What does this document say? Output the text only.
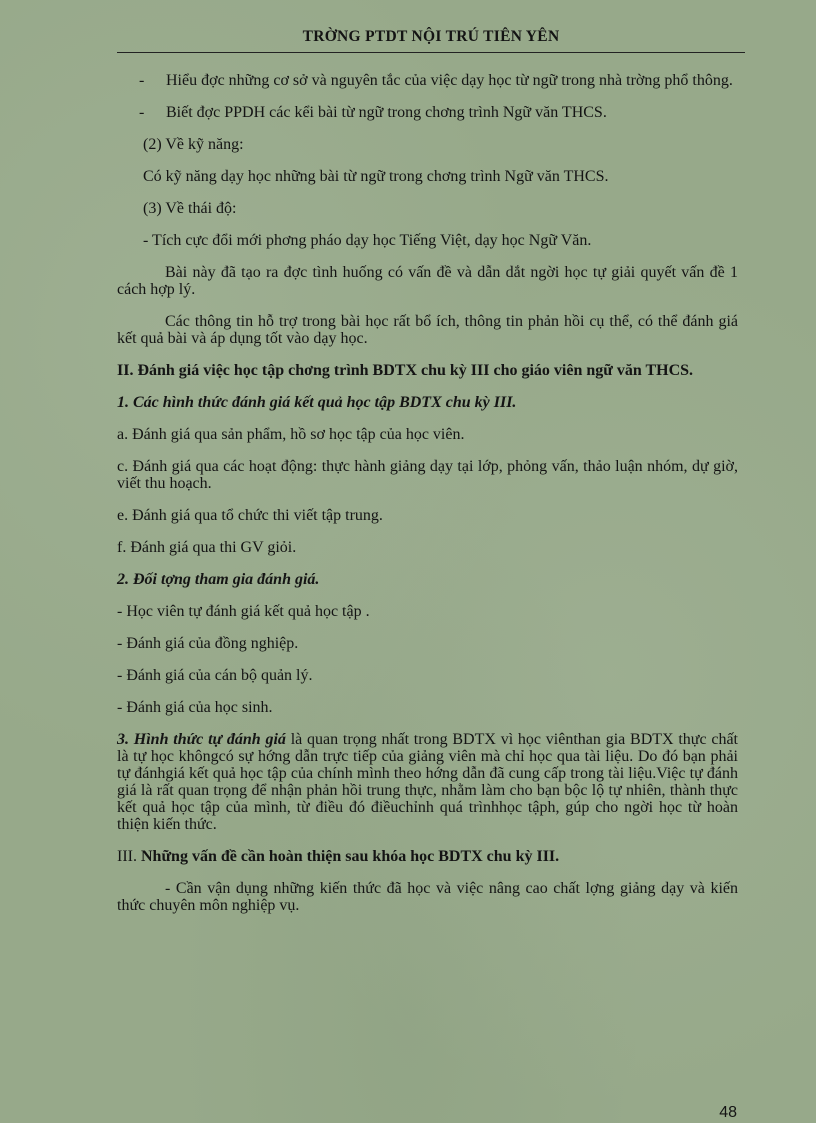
TRỜNG PTDT NỘI TRÚ TIÊN YÊN
-	Hiểu đợc những cơ sở và nguyên tắc của việc dạy học từ ngữ trong nhà trờng phổ thông.
-	Biết đợc PPDH các kểi bài từ ngữ trong chơng trình Ngữ văn THCS.

(2) Về kỹ năng:

Có kỹ năng dạy học những bài từ ngữ trong chơng trình Ngữ văn THCS.

(3) Về thái độ:

- Tích cực đổi mới phơng pháo dạy học Tiếng Việt, dạy học Ngữ Văn.

Bài này đã tạo ra đợc tình huống có vấn đề và dẫn dắt ngời học tự giải quyết vấn đề 1 cách hợp lý.

Các thông tin hỗ trợ trong bài học rất bổ ích, thông tin phản hồi cụ thể, có thể đánh giá kết quả bài và áp dụng tốt vào dạy học.

II. Đánh giá việc học tập chơng trình BDTX chu kỳ III cho giáo viên ngữ văn THCS.

1. Các hình thức đánh giá kết quả học tập BDTX chu kỳ III.

a. Đánh giá qua sản phẩm, hồ sơ học tập của học viên.

c. Đánh giá qua các hoạt động: thực hành giảng dạy tại lớp, phỏng vấn, thảo luận nhóm, dự giờ, viết thu hoạch.

e. Đánh giá qua tổ chức thi viết tập trung.

f. Đánh giá qua thi GV giỏi.

2. Đối tợng tham gia đánh giá.

- Học viên tự đánh giá kết quả học tập .

- Đánh giá của đồng nghiệp.

- Đánh giá của cán bộ quản lý.

- Đánh giá của học sinh.

3. Hình thức tự đánh giá là quan trọng nhất trong BDTX vì học viênthan gia BDTX thực chất là tự học khôngcó sự hớng dẫn trực tiếp của giảng viên mà chỉ học qua tài liệu. Do đó bạn phải tự đánhgiá kết quả học tập của chính mình theo hớng dẫn đã cung cấp trong tài liệu.Việc tự đánh giá là rất quan trọng để nhận phản hồi trung thực, nhằm làm cho bạn bộc lộ tự nhiên, thành thực kết quả học tập của mình, từ điều đó điềuchỉnh quá trìnhhọc tậph, gúp cho ngời học từ hoàn thiện kiến thức.

III. Những vấn đề cần hoàn thiện sau khóa học BDTX chu kỳ III.

- Cần vận dụng những kiến thức đã học và việc nâng cao chất lợng giảng dạy và kiến thức chuyên môn nghiệp vụ.

48
